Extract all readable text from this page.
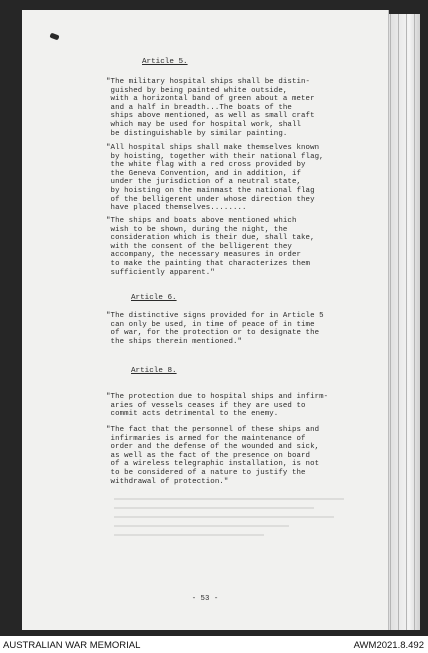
Article 5.

"The military hospital ships shall be distin-
guished by being painted white outside,
with a horizontal band of green about a meter
and a half in breadth...The boats of the
ships above mentioned, as well as small craft
which may be used for hospital work, shall
be distinguishable by similar painting.
"All hospital ships shall make themselves known
by hoisting, together with their national flag,
the white flag with a red cross provided by
the Geneva Convention, and in addition, if
under the jurisdiction of a neutral state,
by hoisting on the mainmast the national flag
of the belligerent under whose direction they
have placed themselves........
"The ships and boats above mentioned which
wish to be shown, during the night, the
consideration which is their due, shall take,
with the consent of the belligerent they
accompany, the necessary measures in order
to make the painting that characterizes them
sufficiently apparent."

Article 6.

"The distinctive signs provided for in Article 5
can only be used, in time of peace of in time
of war, for the protection or to designate the
the ships therein mentioned."

Article 8.

"The protection due to hospital ships and infirm-
aries of vessels ceases if they are used to
commit acts detrimental to the enemy.
"The fact that the personnel of these ships and
infirmaries is armed for the maintenance of
order and the defense of the wounded and sick,
as well as the fact of the presence on board
of a wireless telegraphic installation, is not
to be considered of a nature to justify the
withdrawal of protection."
- 53 -
AUSTRALIAN WAR MEMORIAL	AWM2021.8.492
